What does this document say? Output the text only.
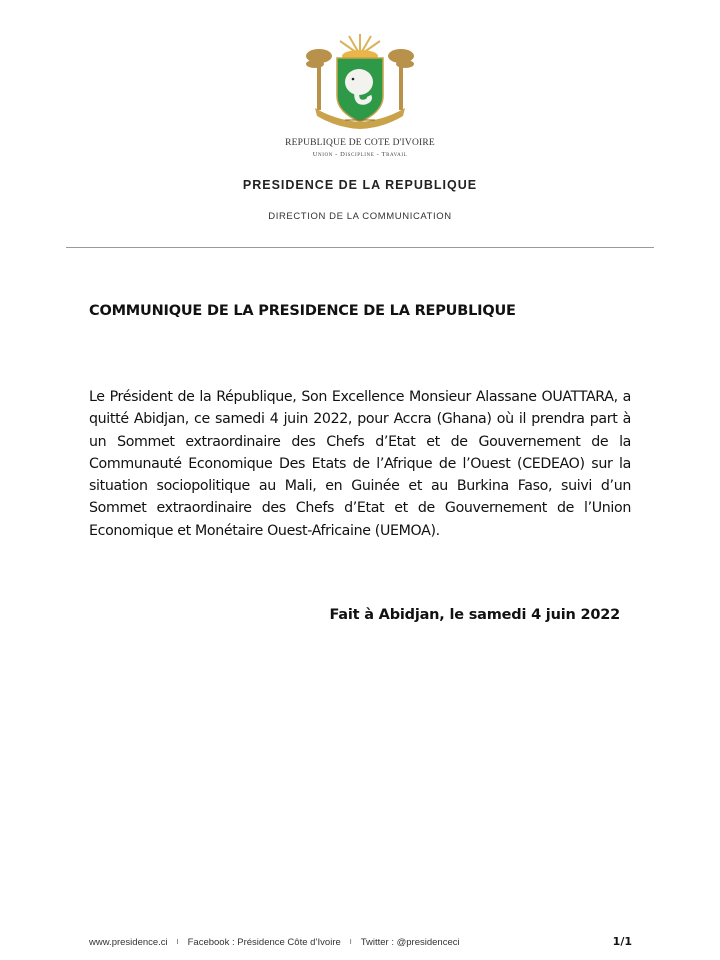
REPUBLIQUE DE COTE D'IVOIRE
Union - Discipline - Travail
PRESIDENCE DE LA REPUBLIQUE
DIRECTION DE LA COMMUNICATION
COMMUNIQUE DE LA PRESIDENCE DE LA REPUBLIQUE
Le Président de la République, Son Excellence Monsieur Alassane OUATTARA, a quitté Abidjan, ce samedi 4 juin 2022, pour Accra (Ghana) où il prendra part à un Sommet extraordinaire des Chefs d’Etat et de Gouvernement de la Communauté Economique Des Etats de l’Afrique de l’Ouest (CEDEAO) sur la situation sociopolitique au Mali, en Guinée et au Burkina Faso, suivi d’un Sommet extraordinaire des Chefs d’Etat et de Gouvernement de l’Union Economique et Monétaire Ouest-Africaine (UEMOA).
Fait à Abidjan, le samedi 4 juin 2022
www.presidence.ci I Facebook : Présidence Côte d’Ivoire I Twitter : @presidenceci	1/1
